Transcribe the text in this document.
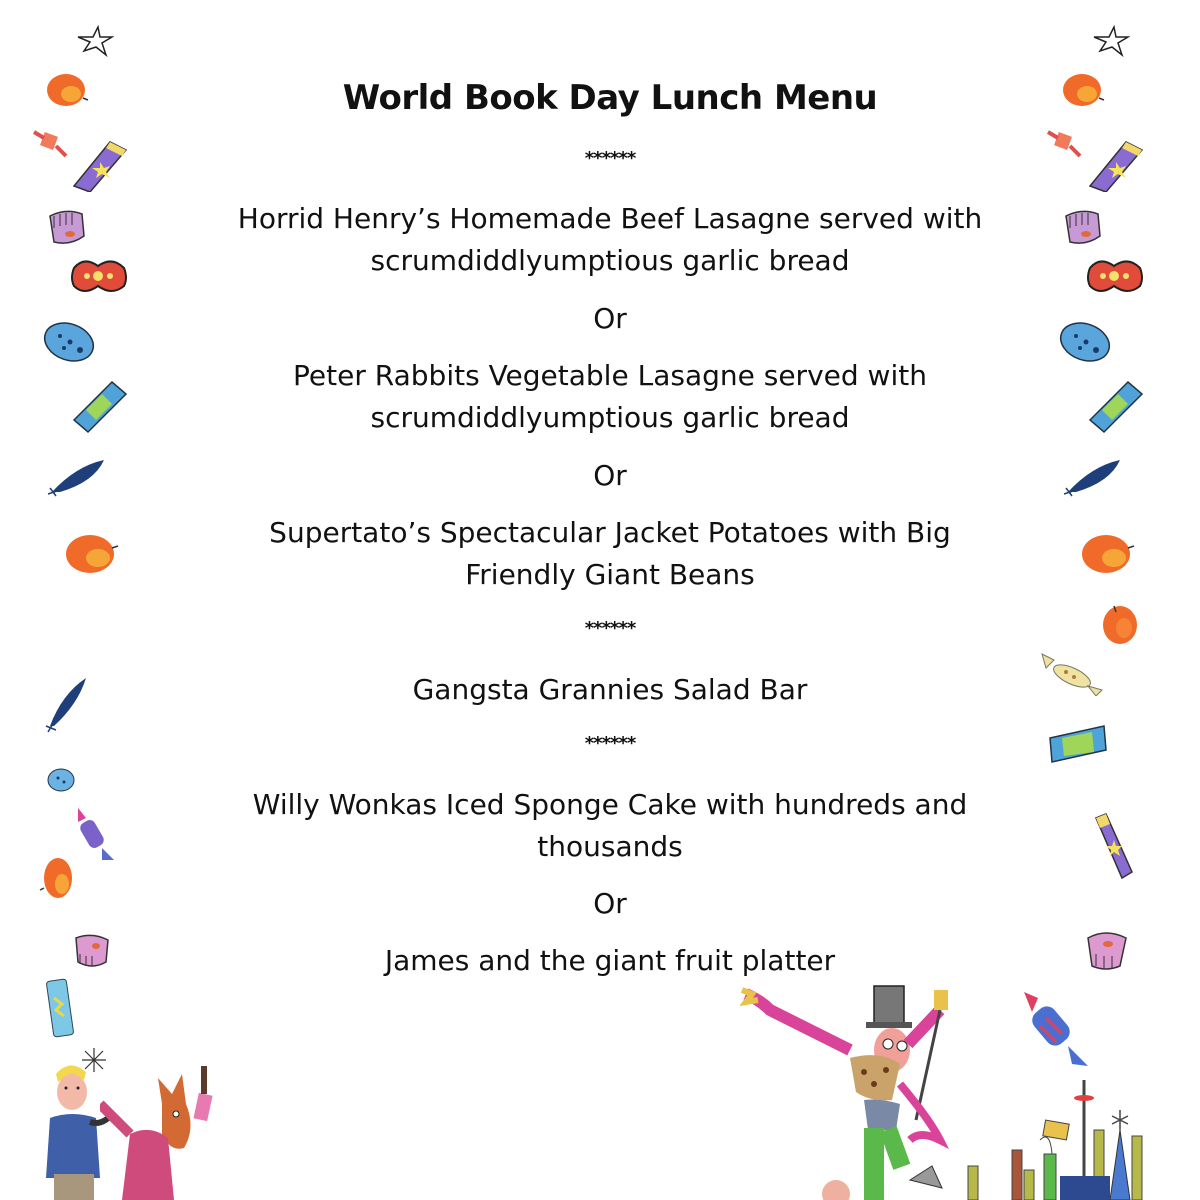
World Book Day Lunch Menu
******
Horrid Henry’s Homemade Beef Lasagne served with
scrumdiddlyumptious garlic bread
Or
Peter Rabbits Vegetable Lasagne served with
scrumdiddlyumptious garlic bread
Or
Supertato’s Spectacular Jacket Potatoes with Big
Friendly Giant Beans
******
Gangsta Grannies Salad Bar
******
Willy Wonkas Iced Sponge Cake with hundreds and
thousands
Or
James and the giant fruit platter
